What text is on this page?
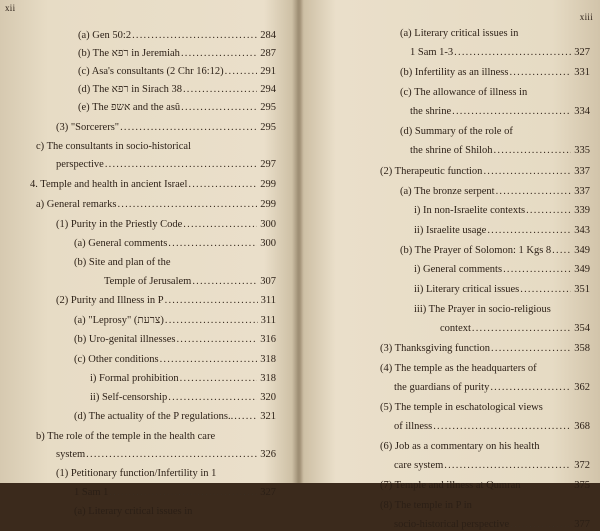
xii
(a) Gen 50:2 .....	284
(b) The רפא in Jeremiah .....	287
(c) Asa's consultants (2 Chr 16:12) .....	291
(d) The רפא in Sirach 38 .....	294
(e) The אשפ and the asû .....	295
(3) "Sorcerers" .....	295
c) The consultants in socio-historical
perspective .....	297
4. Temple and health in ancient Israel .....	299
a) General remarks .....	299
(1) Purity in the Priestly Code .....	300
(a) General comments .....	300
(b) Site and plan of the
Temple of Jerusalem .....	307
(2) Purity and Illness in P .....	311
(a) "Leprosy" (צרעת) .....	311
(b) Uro-genital illnesses .....	316
(c) Other conditions .....	318
i) Formal prohibition .....	318
ii) Self-censorship .....	320
(d) The actuality of the P regulations.. .....	321
b) The role of the temple in the health care
system .....	326
(1) Petitionary function/Infertility in 1
1 Sam 1 .....	327
(a) Literary critical issues in
xiii
(a) Literary critical issues in
1 Sam 1-3 .....	327
(b) Infertility as an illness .....	331
(c) The allowance of illness in
the shrine .....	334
(d) Summary of the role of
the shrine of Shiloh .....	335
(2) Therapeutic function .....	337
(a) The bronze serpent .....	337
i) In non-Israelite contexts .....	339
ii) Israelite usage .....	343
(b) The Prayer of Solomon: 1 Kgs 8 ..... 349
i) General comments .....	349
ii) Literary critical issues .....	351
iii) The Prayer in socio-religious
context .....	354
(3) Thanksgiving function .....	358
(4) The temple as the headquarters of
the guardians of purity .....	362
(5) The temple in eschatological views
of illness .....	368
(6) Job as a commentary on his health
care system .....	372
(7) Temple and illness at Qumran .....	375
(8) The temple in P in
socio-historical perspective .....	377
